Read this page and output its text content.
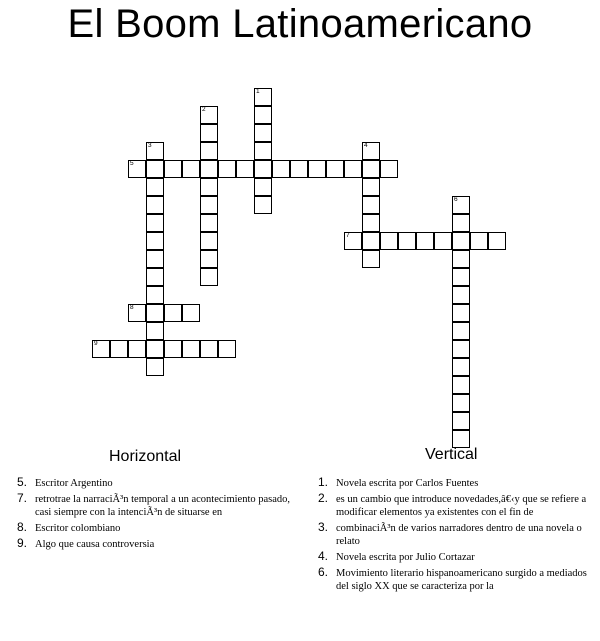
El Boom Latinoamericano
1
2
3	4
5
6
7
8
9
Horizontal	Vertical
5. Escritor Argentino
7. retrotrae la narraciÃ³n temporal a un acontecimiento pasado, casi siempre con la intenciÃ³n de situarse en
8. Escritor colombiano
9. Algo que causa controversia
1. Novela escrita por Carlos Fuentes
2. es un cambio que introduce novedades,â€‹y que se refiere a modificar elementos ya existentes con el fin de
3. combinaciÃ³n de varios narradores dentro de una novela o relato
4. Novela escrita por Julio Cortazar
6. Movimiento literario hispanoamericano surgido a mediados del siglo XX que se caracteriza por la
